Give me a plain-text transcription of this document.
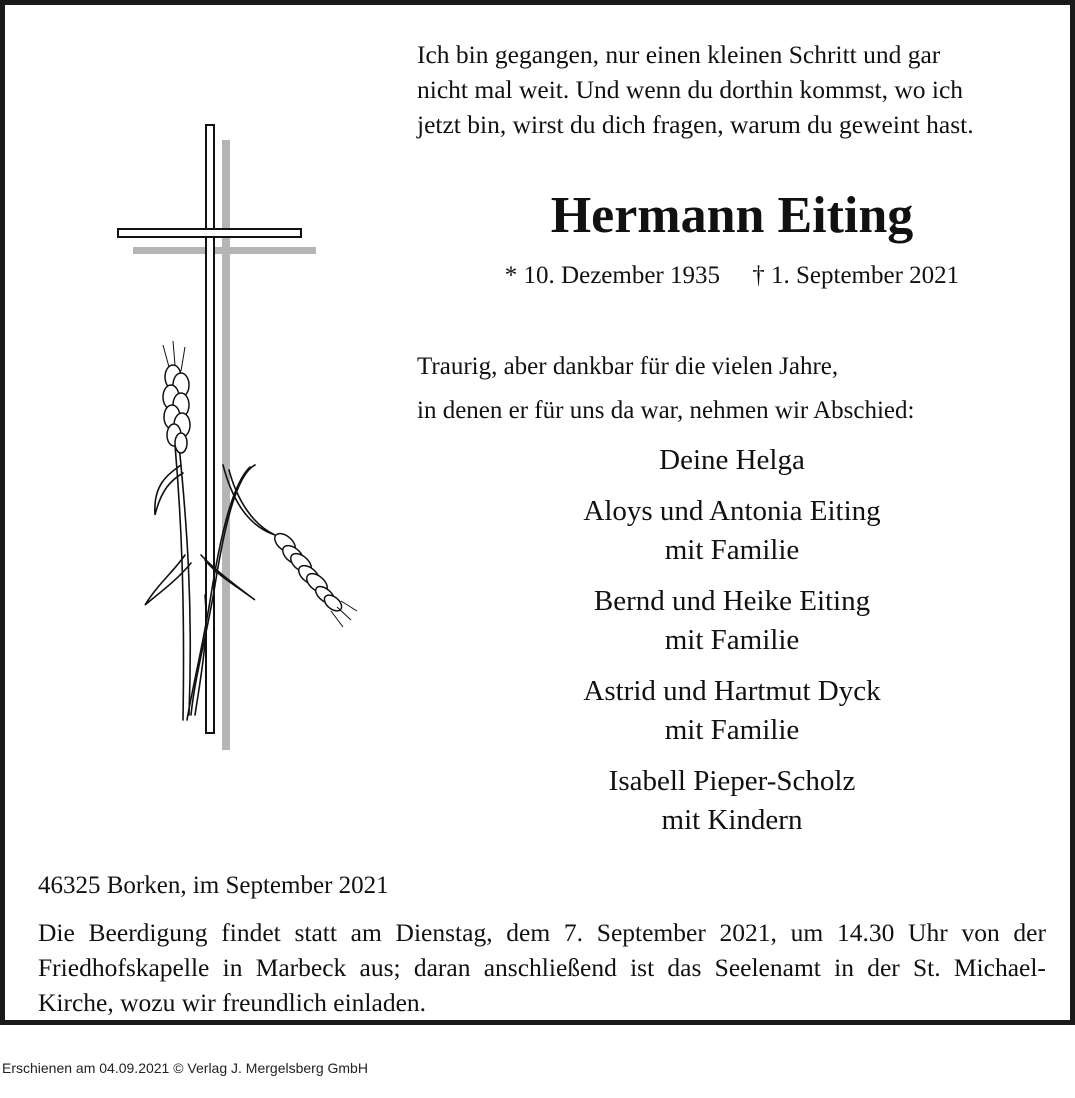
Ich bin gegangen, nur einen kleinen Schritt und gar
nicht mal weit. Und wenn du dorthin kommst, wo ich
jetzt bin, wirst du dich fragen, warum du geweint hast.
Hermann Eiting
* 10. Dezember 1935 † 1. September 2021
Traurig, aber dankbar für die vielen Jahre,
in denen er für uns da war, nehmen wir Abschied:
Deine Helga
Aloys und Antonia Eiting
mit Familie
Bernd und Heike Eiting
mit Familie
Astrid und Hartmut Dyck
mit Familie
Isabell Pieper-Scholz
mit Kindern
46325 Borken, im September 2021
Die Beerdigung findet statt am Dienstag, dem 7. September 2021, um 14.30 Uhr von der
Friedhofskapelle in Marbeck aus; daran anschließend ist das Seelenamt in der St. Michael-
Kirche, wozu wir freundlich einladen.
Erschienen am 04.09.2021 © Verlag J. Mergelsberg GmbH
